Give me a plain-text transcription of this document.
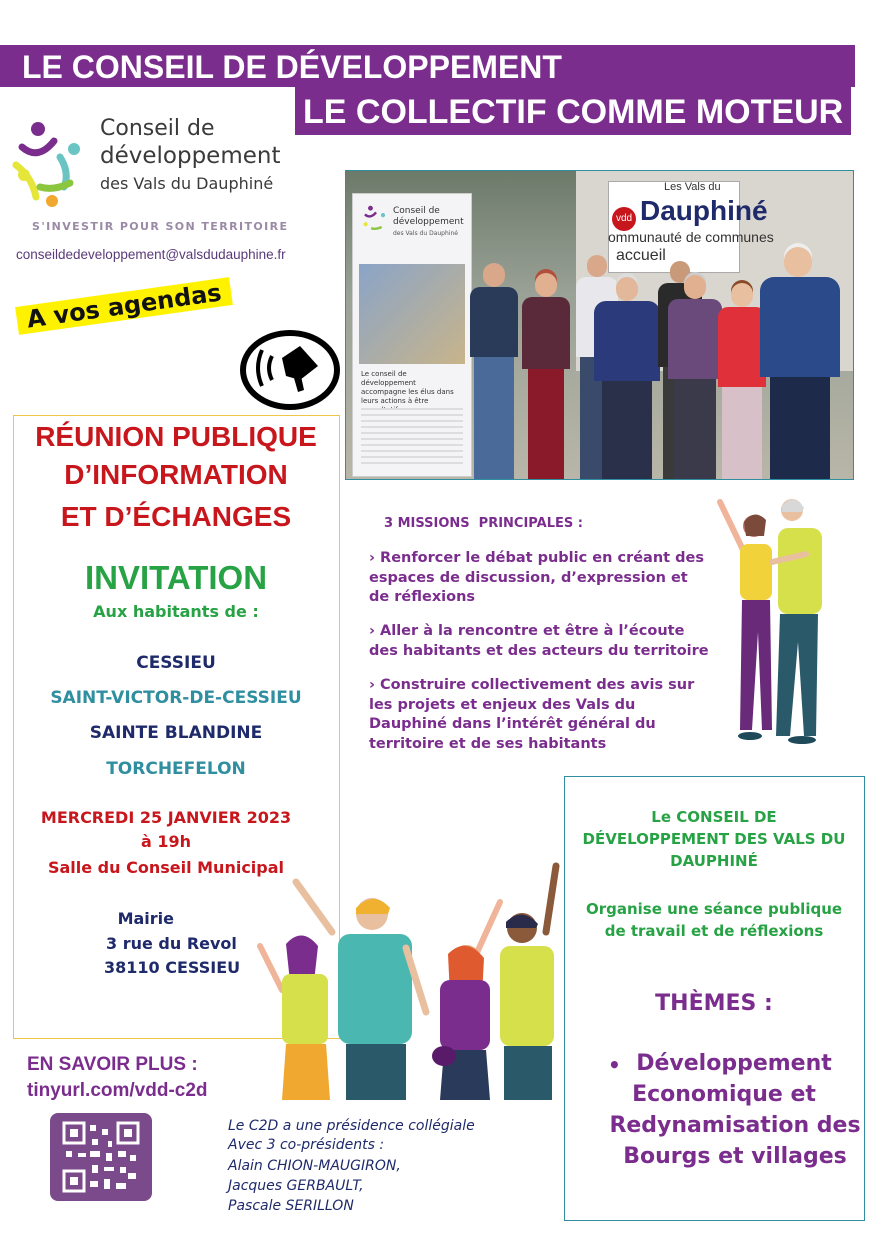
LE CONSEIL DE DÉVELOPPEMENT
LE COLLECTIF COMME MOTEUR
Conseil de
développement
des Vals du Dauphiné
S'INVESTIR POUR SON TERRITOIRE
conseildedeveloppement@valsdudauphine.fr
A vos agendas
vdd
Les Vals du
Dauphiné
ommunauté de communes
accueil
Conseil de développement
des Vals du Dauphiné
Le conseil de développement accompagne les élus dans leurs actions à être
RÉUNION PUBLIQUE
D’INFORMATION
ET D’ÉCHANGES
INVITATION
Aux habitants de :
CESSIEU
SAINT-VICTOR-DE-CESSIEU
SAINTE BLANDINE
TORCHEFELON
MERCREDI 25 JANVIER 2023
à 19h
Salle du Conseil Municipal
Mairie
3 rue du Revol
38110 CESSIEU
3 MISSIONS  PRINCIPALES :
› Renforcer le débat public en créant des espaces de discussion, d’expression et de réflexions
› Aller à la rencontre et être à l’écoute des habitants et des acteurs du territoire
› Construire collectivement des avis sur les projets et enjeux des Vals du Dauphiné dans l’intérêt général du territoire et de ses habitants
Le CONSEIL DE
DÉVELOPPEMENT DES VALS DU
DAUPHINÉ
Organise une séance publique
de travail et de réflexions
THÈMES :
• Développement
Economique et
Redynamisation des
Bourgs et villages
EN SAVOIR PLUS :
tinyurl.com/vdd-c2d
Le C2D a une présidence collégiale
Avec 3 co-présidents :
Alain CHION-MAUGIRON,
Jacques GERBAULT,
Pascale SERILLON
